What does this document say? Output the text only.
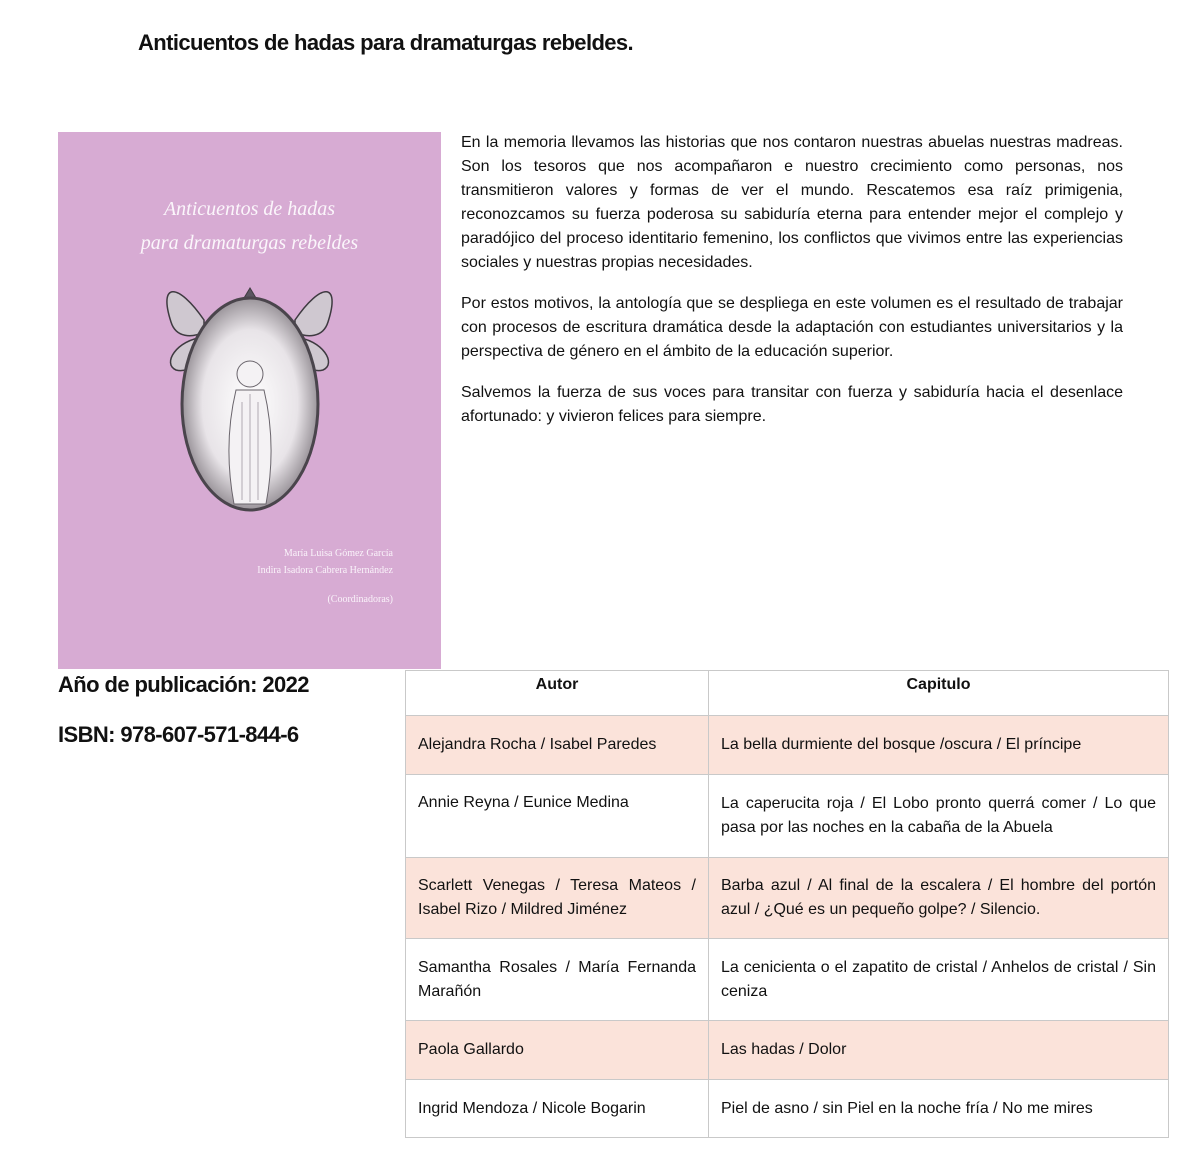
Anticuentos de hadas para dramaturgas rebeldes.
Anticuentos de hadas
para dramaturgas rebeldes
María Luisa Gómez García
Indira Isadora Cabrera Hernández
(Coordinadoras)

En la memoria llevamos las historias que nos contaron nuestras abuelas nuestras madreas. Son los tesoros que nos acompañaron e nuestro crecimiento como personas, nos transmitieron valores y formas de ver el mundo. Rescatemos esa raíz primigenia, reconozcamos su fuerza poderosa su sabiduría eterna para entender mejor el complejo y paradójico del proceso identitario femenino, los conflictos que vivimos entre las experiencias sociales y nuestras propias necesidades.

Por estos motivos, la antología que se despliega en este volumen es el resultado de trabajar con procesos de escritura dramática desde la adaptación con estudiantes universitarios y la perspectiva de género en el ámbito de la educación superior.

Salvemos la fuerza de sus voces para transitar con fuerza y sabiduría hacia el desenlace afortunado: y vivieron felices para siempre.

Año de publicación: 2022
ISBN: 978-607-571-844-6
Autor	Capitulo
Alejandra Rocha / Isabel Paredes	La bella durmiente del bosque /oscura / El príncipe
Annie Reyna / Eunice Medina	La caperucita roja / El Lobo pronto querrá comer / Lo que pasa por las noches en la cabaña de la Abuela
Scarlett Venegas / Teresa Mateos / Isabel Rizo / Mildred Jiménez	Barba azul / Al final de la escalera / El hombre del portón azul / ¿Qué es un pequeño golpe? / Silencio.
Samantha Rosales / María Fernanda Marañón	La cenicienta o el zapatito de cristal / Anhelos de cristal / Sin ceniza
Paola Gallardo	Las hadas / Dolor
Ingrid Mendoza / Nicole Bogarin	Piel de asno / sin Piel en la noche fría / No me mires
